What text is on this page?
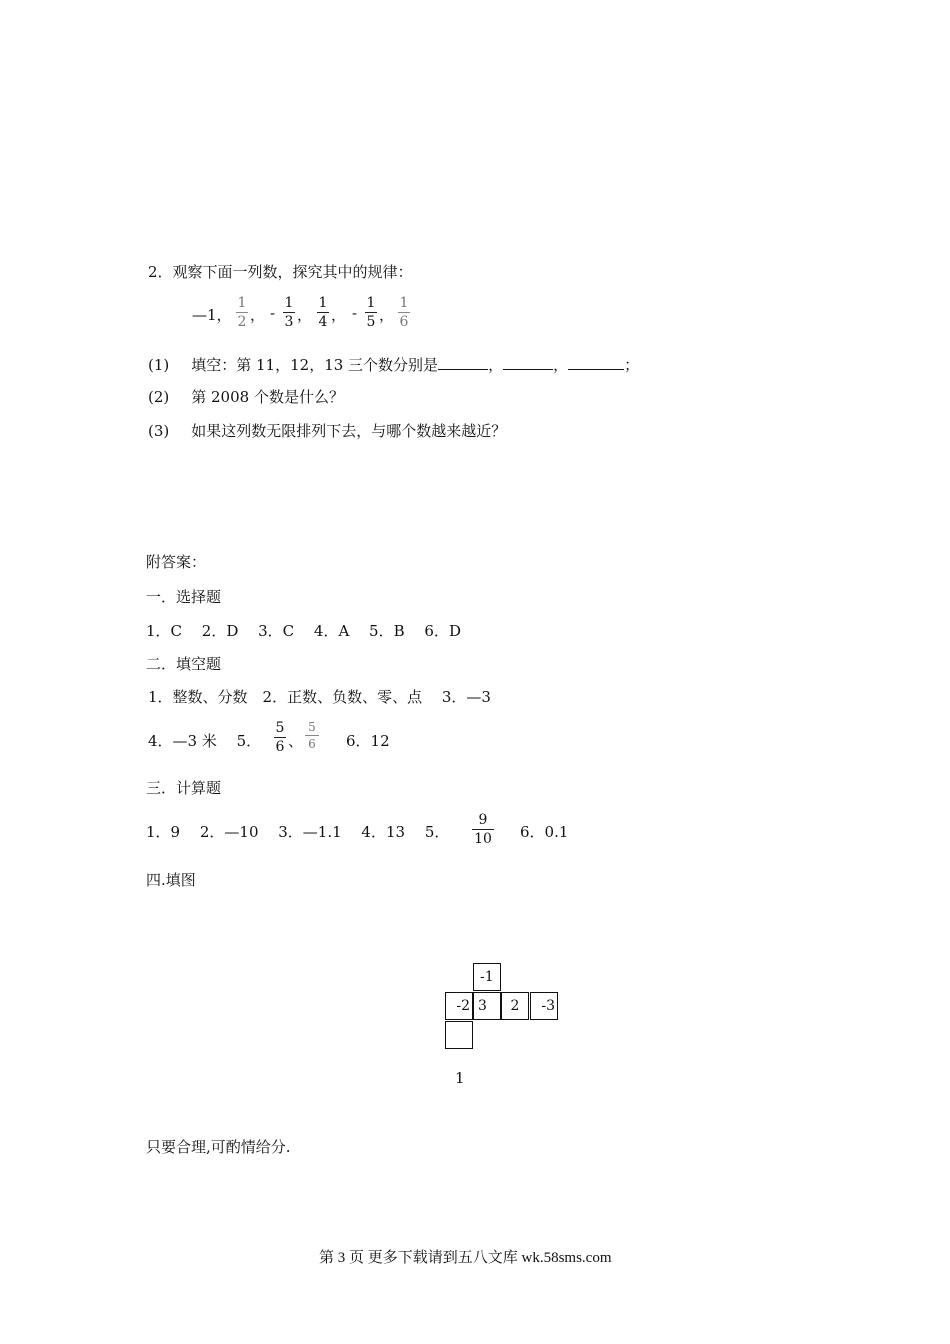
2．观察下面一列数，探究其中的规律：
—1，
1
2 ， -
1
3 ，
1
4 ， -
1
5 ，
1
6
(1) 填空：第 11，12，13 三个数分别是	，	，	；
(2) 第 2008 个数是什么？
(3) 如果这列数无限排列下去，与哪个数越来越近？
附答案：
一．选择题
1．C　 2．D　 3．C　 4．A　 5．B　 6．D
二．填空题
1．整数、分数　2．正数、负数、零、点　 3．—3
4．—3 米　 5．
5
6 、
5
6 6．12
三．计算题
1．9　 2．—10　 3．—1.1　 4．13　 5．
9
10 6．0.1
四.填图
-1
-2 3	2	-3
1
只要合理,可酌情给分.
第 3 页 更多下载请到五八文库 wk.58sms.com
